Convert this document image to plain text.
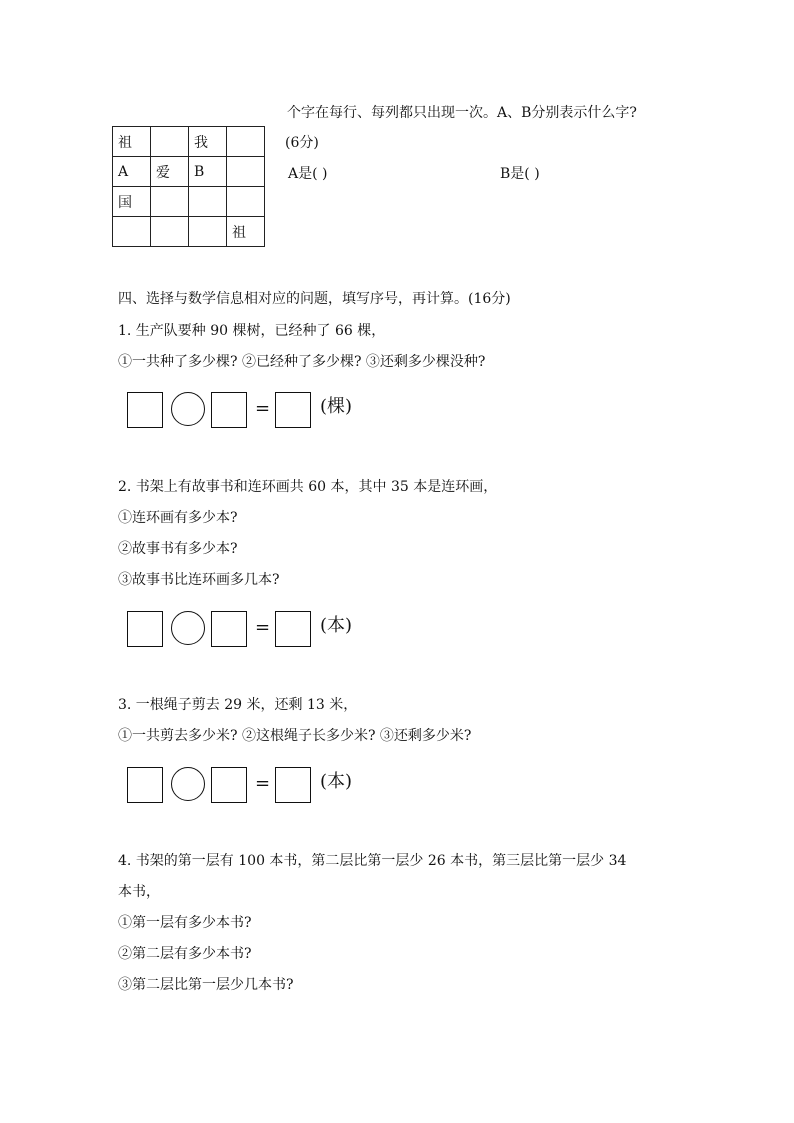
个字在每行、每列都只出现一次。A、B分别表示什么字?
(6分)
A是( )	B是( )
祖		我	
A	爱	B	
国			
			祖
四、选择与数学信息相对应的问题，填写序号，再计算。(16分)
1. 生产队要种 90 棵树，已经种了 66 棵，
①一共种了多少棵? ②已经种了多少棵? ③还剩多少棵没种?
=	(棵)
2. 书架上有故事书和连环画共 60 本，其中 35 本是连环画，
①连环画有多少本?
②故事书有多少本?
③故事书比连环画多几本?
=	(本)
3. 一根绳子剪去 29 米，还剩 13 米，
①一共剪去多少米? ②这根绳子长多少米? ③还剩多少米?
=	(本)
4. 书架的第一层有 100 本书，第二层比第一层少 26 本书，第三层比第一层少 34
本书，
①第一层有多少本书?
②第二层有多少本书?
③第二层比第一层少几本书?
